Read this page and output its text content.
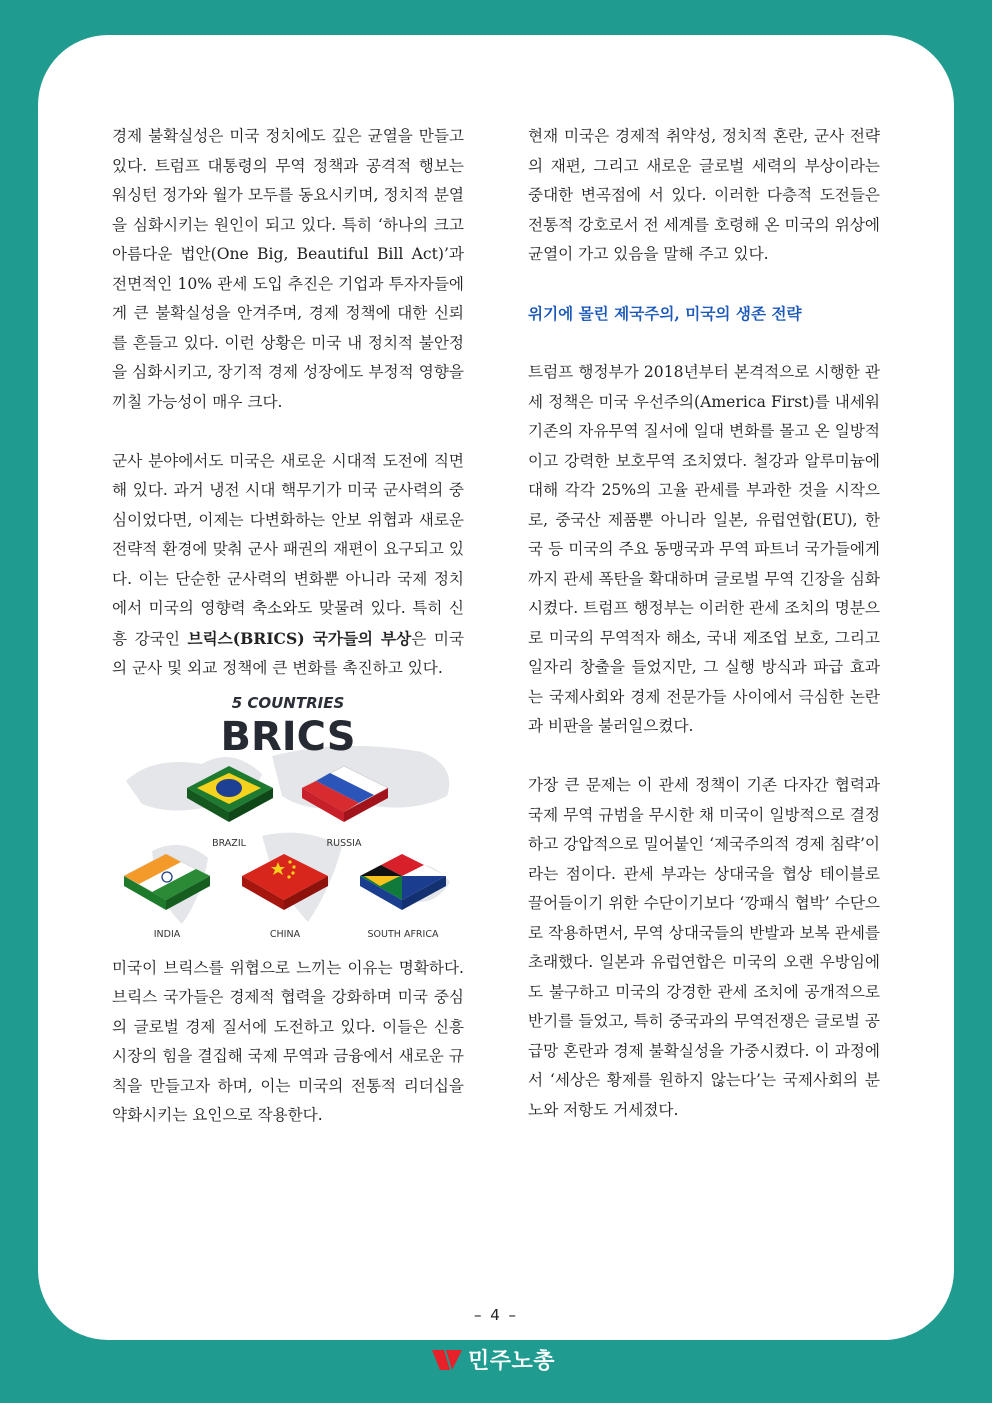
경제 불확실성은 미국 정치에도 깊은 균열을 만들고 있다. 트럼프 대통령의 무역 정책과 공격적 행보는 워싱턴 정가와 월가 모두를 동요시키며, 정치적 분열을 심화시키는 원인이 되고 있다. 특히 ‘하나의 크고 아름다운 법안(One Big, Beautiful Bill Act)’과 전면적인 10% 관세 도입 추진은 기업과 투자자들에게 큰 불확실성을 안겨주며, 경제 정책에 대한 신뢰를 흔들고 있다. 이런 상황은 미국 내 정치적 불안정을 심화시키고, 장기적 경제 성장에도 부정적 영향을 끼칠 가능성이 매우 크다.

군사 분야에서도 미국은 새로운 시대적 도전에 직면해 있다. 과거 냉전 시대 핵무기가 미국 군사력의 중심이었다면, 이제는 다변화하는 안보 위협과 새로운 전략적 환경에 맞춰 군사 패권의 재편이 요구되고 있다. 이는 단순한 군사력의 변화뿐 아니라 국제 정치에서 미국의 영향력 축소와도 맞물려 있다. 특히 신흥 강국인 브릭스(BRICS) 국가들의 부상은 미국의 군사 및 외교 정책에 큰 변화를 촉진하고 있다.

5 COUNTRIES
BRICS
BRAZIL	RUSSIA
INDIA	CHINA	SOUTH AFRICA

미국이 브릭스를 위협으로 느끼는 이유는 명확하다. 브릭스 국가들은 경제적 협력을 강화하며 미국 중심의 글로벌 경제 질서에 도전하고 있다. 이들은 신흥 시장의 힘을 결집해 국제 무역과 금융에서 새로운 규칙을 만들고자 하며, 이는 미국의 전통적 리더십을 약화시키는 요인으로 작용한다.

현재 미국은 경제적 취약성, 정치적 혼란, 군사 전략의 재편, 그리고 새로운 글로벌 세력의 부상이라는 중대한 변곡점에 서 있다. 이러한 다층적 도전들은 전통적 강호로서 전 세계를 호령해 온 미국의 위상에 균열이 가고 있음을 말해 주고 있다.

위기에 몰린 제국주의, 미국의 생존 전략

트럼프 행정부가 2018년부터 본격적으로 시행한 관세 정책은 미국 우선주의(America First)를 내세워 기존의 자유무역 질서에 일대 변화를 몰고 온 일방적이고 강력한 보호무역 조치였다. 철강과 알루미늄에 대해 각각 25%의 고율 관세를 부과한 것을 시작으로, 중국산 제품뿐 아니라 일본, 유럽연합(EU), 한국 등 미국의 주요 동맹국과 무역 파트너 국가들에게까지 관세 폭탄을 확대하며 글로벌 무역 긴장을 심화시켰다. 트럼프 행정부는 이러한 관세 조치의 명분으로 미국의 무역적자 해소, 국내 제조업 보호, 그리고 일자리 창출을 들었지만, 그 실행 방식과 파급 효과는 국제사회와 경제 전문가들 사이에서 극심한 논란과 비판을 불러일으켰다.

가장 큰 문제는 이 관세 정책이 기존 다자간 협력과 국제 무역 규범을 무시한 채 미국이 일방적으로 결정하고 강압적으로 밀어붙인 ‘제국주의적 경제 침략’이라는 점이다. 관세 부과는 상대국을 협상 테이블로 끌어들이기 위한 수단이기보다 ‘깡패식 협박’ 수단으로 작용하면서, 무역 상대국들의 반발과 보복 관세를 초래했다. 일본과 유럽연합은 미국의 오랜 우방임에도 불구하고 미국의 강경한 관세 조치에 공개적으로 반기를 들었고, 특히 중국과의 무역전쟁은 글로벌 공급망 혼란과 경제 불확실성을 가중시켰다. 이 과정에서 ‘세상은 황제를 원하지 않는다’는 국제사회의 분노와 저항도 거세졌다.

– 4 –
민주노총
